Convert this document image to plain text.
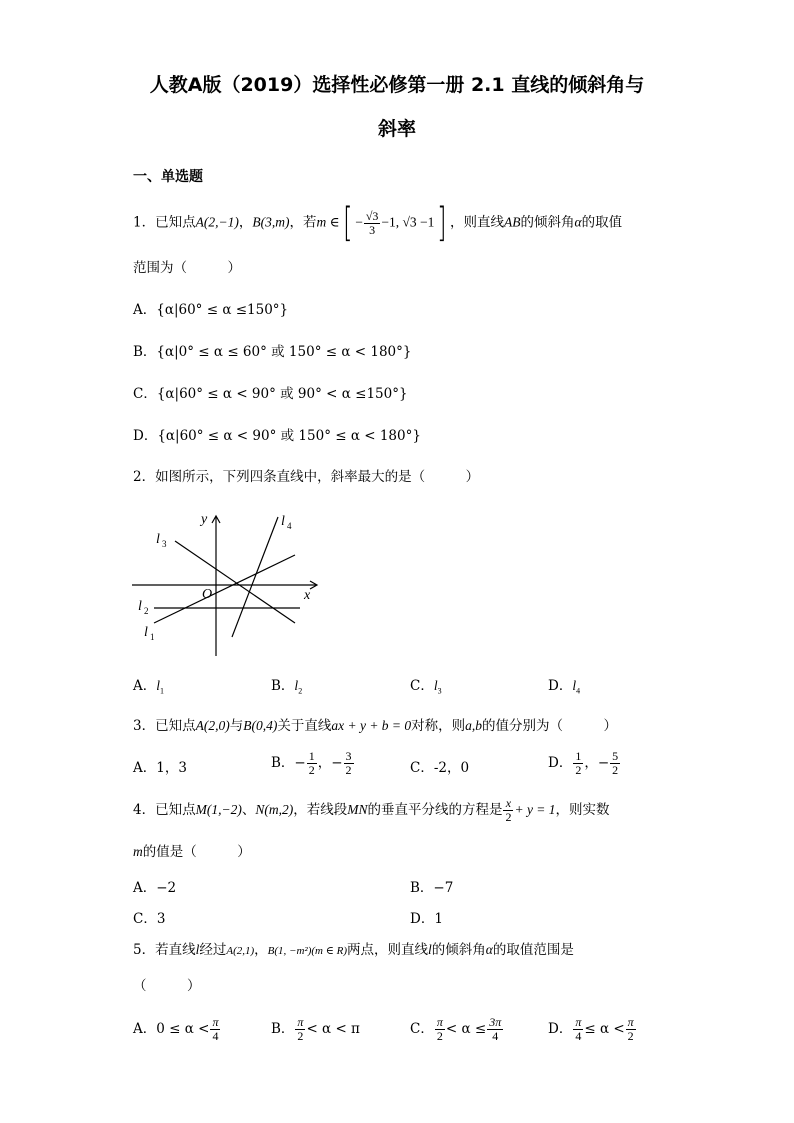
人教A版（2019）选择性必修第一册 2.1 直线的倾斜角与
斜率
一、单选题
1．已知点A(2,−1)，B(3,m)，若m ∈[ − $\frac{√3}{3} -1$, √3 −1] ，则直线AB的倾斜角α的取值
范围为（　　　）
A．{α|60° ≤ α ≤150°}
B．{α|0° ≤ α ≤ 60° 或 150° ≤ α < 180°}
C．{α|60° ≤ α < 90° 或 90° < α ≤150°}
D．{α|60° ≤ α < 90° 或 150° ≤ α < 180°}
2．如图所示，下列四条直线中，斜率最大的是（　　　）
y
x
O
l 3
l 4
l 2
l 1
A．$l_1$	B．$l_2$	C．$l_3$	D．$l_4$
3．已知点A(2,0)与B(0,4)关于直线ax + y + b = 0对称，则a,b的值分别为（　　　）
A．1，3	B．− $\frac{1}{2}$ ，− $\frac{3}{2}$	C．-2，0	D． $\frac{1}{2}$ ，− $\frac{5}{2}$
4．已知点M(1,−2)、N(m,2)，若线段MN的垂直平分线的方程是 $\frac{x}{2} + y = 1$，则实数
m的值是（　　　）
A．−2	B．−7
C．3	D．1
5．若直线l经过A(2,1)，B(1, −m²)(m ∈ R)两点，则直线l的倾斜角α的取值范围是
（　　　）
A．$0 \le \alpha < \frac{\pi}{4}$	B． $\frac{\pi}{2} < \alpha < \pi$	C． $\frac{\pi}{2} < \alpha \le \frac{3\pi}{4}$	D． $\frac{\pi}{4} \le \alpha < \frac{\pi}{2}$
